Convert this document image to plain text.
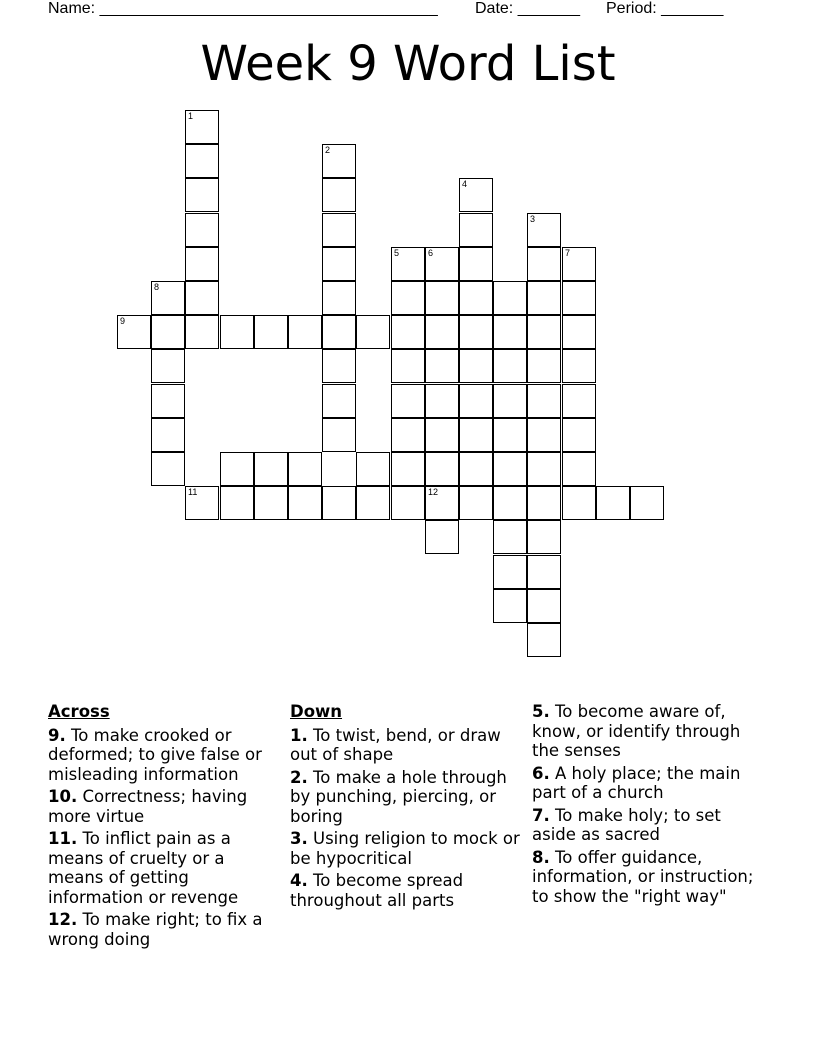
Name: ______________________________________ Date: _______ Period: _______
Week 9 Word List
1
2
4
3
5	6	7
8
9
11	12
Across
9. To make crooked or deformed; to give false or misleading information
10. Correctness; having more virtue
11. To inflict pain as a means of cruelty or a means of getting information or revenge
12. To make right; to fix a wrong doing
Down
1. To twist, bend, or draw out of shape
2. To make a hole through by punching, piercing, or boring
3. Using religion to mock or be hypocritical
4. To become spread throughout all parts
5. To become aware of, know, or identify through the senses
6. A holy place; the main part of a church
7. To make holy; to set aside as sacred
8. To offer guidance, information, or instruction; to show the "right way"
